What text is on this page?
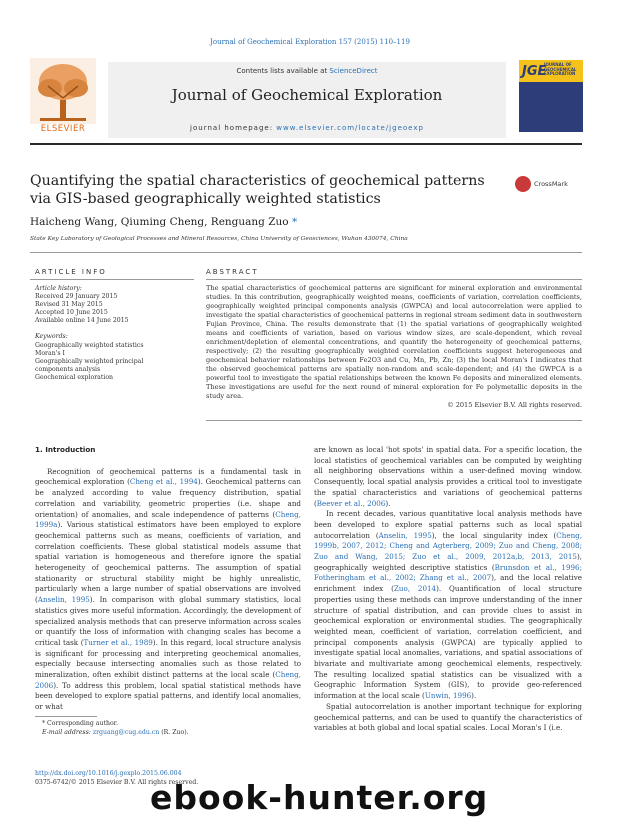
Journal of Geochemical Exploration 157 (2015) 110–119
ELSEVIER
Contents lists available at ScienceDirect
Journal of Geochemical Exploration
journal homepage: www.elsevier.com/locate/jgeoexp
JGE
JOURNAL OF GEOCHEMICAL EXPLORATION
Quantifying the spatial characteristics of geochemical patterns via GIS-based geographically weighted statistics
CrossMark
Haicheng Wang, Qiuming Cheng, Renguang Zuo *
State Key Laboratory of Geological Processes and Mineral Resources, China University of Geosciences, Wuhan 430074, China
ARTICLE INFO	ABSTRACT
Article history:
Received 29 January 2015
Revised 31 May 2015
Accepted 10 June 2015
Available online 14 June 2015
Keywords:
Geographically weighted statistics
Moran's I
Geographically weighted principal
components analysis
Geochemical exploration

The spatial characteristics of geochemical patterns are significant for mineral exploration and environmental studies. In this contribution, geographically weighted means, coefficients of variation, correlation coefficients, geographically weighted principal components analysis (GWPCA) and local autocorrelation were applied to investigate the spatial characteristics of geochemical patterns in regional stream sediment data in southwestern Fujian Province, China. The results demonstrate that (1) the spatial variations of geographically weighted means and coefficients of variation, based on various window sizes, are scale-dependent, which reveal enrichment/depletion of elemental concentrations, and quantify the heterogeneity of geochemical patterns, respectively; (2) the resulting geographically weighted correlation coefficients suggest heterogeneous and geochemical behavior relationships between Fe2O3 and Cu, Mn, Pb, Zn; (3) the local Moran's I indicates that the observed geochemical patterns are spatially non-random and scale-dependent; and (4) the GWPCA is a powerful tool to investigate the spatial relationships between the known Fe deposits and mineralized elements. These investigations are useful for the next round of mineral exploration for Fe polymetallic deposits in the study area.

© 2015 Elsevier B.V. All rights reserved.

1. Introduction

Recognition of geochemical patterns is a fundamental task in geochemical exploration (Cheng et al., 1994). Geochemical patterns can be analyzed according to value frequency distribution, spatial correlation and variability, geometric properties (i.e. shape and orientation) of anomalies, and scale independence of patterns (Cheng, 1999a). Various statistical estimators have been employed to explore geochemical patterns such as means, coefficients of variation, and correlation coefficients. These global statistical models assume that spatial variation is homogeneous and therefore ignore the spatial heterogeneity of geochemical patterns. The assumption of spatial stationarity or structural stability might be highly unrealistic, particularly when a large number of spatial observations are involved (Anselin, 1995). In comparison with global summary statistics, local statistics gives more useful information. Accordingly, the development of specialized analysis methods that can preserve information across scales or quantify the loss of information with changing scales has become a critical task (Turner et al., 1989). In this regard, local structure analysis is significant for processing and interpreting geochemical anomalies, especially because intersecting anomalies such as those related to mineralization, often exhibit distinct patterns at the local scale (Cheng, 2006). To address this problem, local spatial statistical methods have been developed to explore spatial patterns, and identify local anomalies, or what

are known as local 'hot spots' in spatial data. For a specific location, the local statistics of geochemical variables can be computed by weighting all neighboring observations within a user-defined moving window. Consequently, local spatial analysis provides a critical tool to investigate the spatial characteristics and variations of geochemical patterns (Beever et al., 2006).

In recent decades, various quantitative local analysis methods have been developed to explore spatial patterns such as local spatial autocorrelation (Anselin, 1995), the local singularity index (Cheng, 1999b, 2007, 2012; Cheng and Agterberg, 2009; Zuo and Cheng, 2008; Zuo and Wang, 2015; Zuo et al., 2009, 2012a,b, 2013, 2015), geographically weighted descriptive statistics (Brunsdon et al., 1996; Fotheringham et al., 2002; Zhang et al., 2007), and the local relative enrichment index (Zuo, 2014). Quantification of local structure properties using these methods can improve understanding of the inner structure of spatial distribution, and can provide clues to assist in geochemical exploration or environmental studies. The geographically weighted mean, coefficient of variation, correlation coefficient, and principal components analysis (GWPCA) are typically applied to investigate spatial local anomalies, variations, and spatial associations of bivariate and multivariate among geochemical elements, respectively. The resulting localized spatial statistics can be visualized with a Geographic Information System (GIS), to provide geo-referenced information at the local scale (Unwin, 1996).

Spatial autocorrelation is another important technique for exploring geochemical patterns, and can be used to quantify the characteristics of variables at both global and local spatial scales. Local Moran's I (i.e.

* Corresponding author.
E-mail address: zrguang@cug.edu.cn (R. Zuo).
http://dx.doi.org/10.1016/j.gexplo.2015.06.004
0375-6742/© 2015 Elsevier B.V. All rights reserved.
ebook-hunter.org
